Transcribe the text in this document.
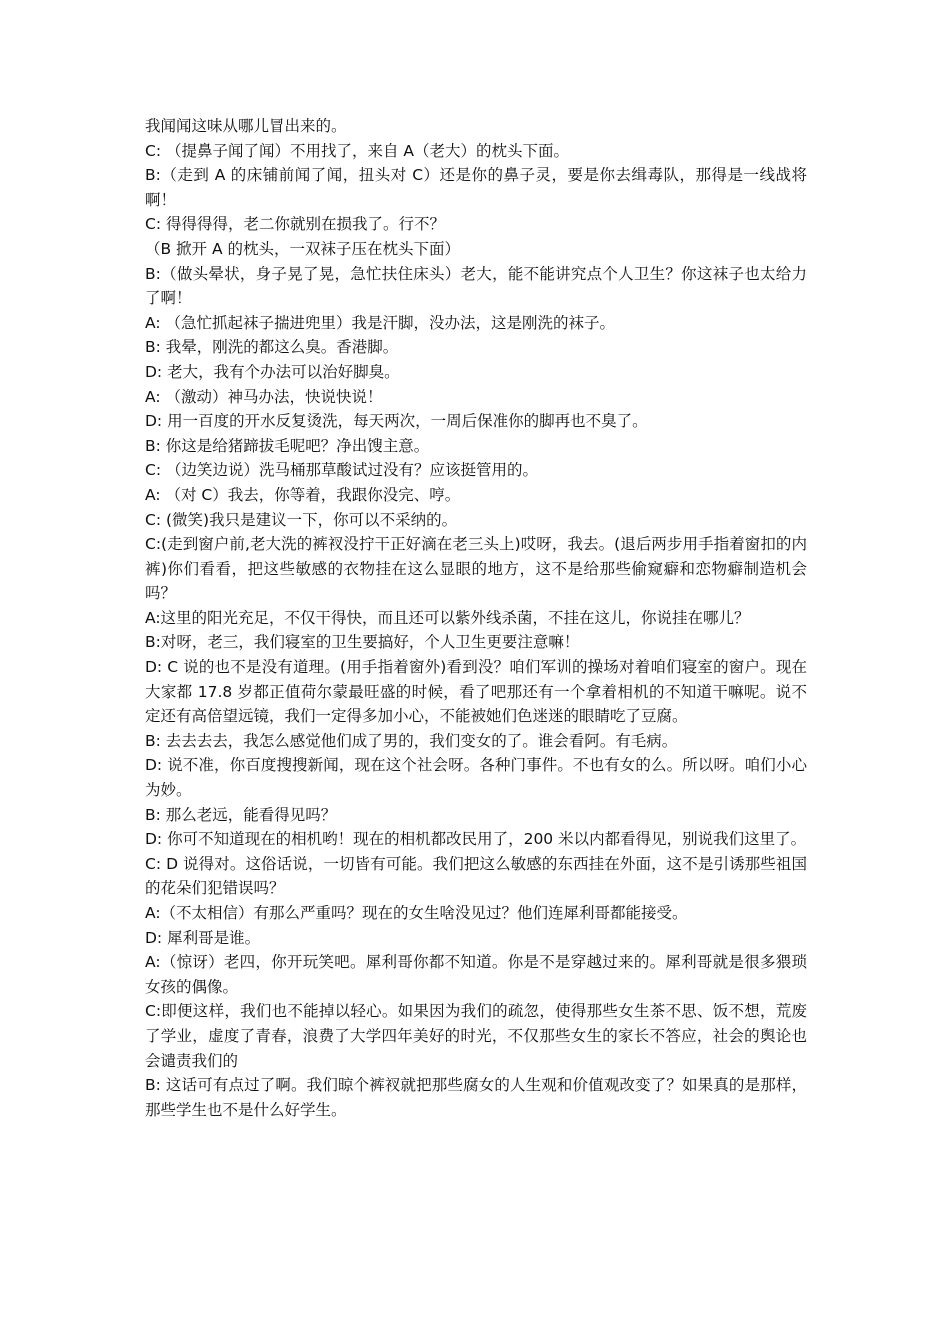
我闻闻这味从哪儿冒出来的。

C: （提鼻子闻了闻）不用找了，来自 A（老大）的枕头下面。

B:（走到 A 的床铺前闻了闻，扭头对 C）还是你的鼻子灵，要是你去缉毒队，那得是一线战将啊！

C: 得得得得，老二你就别在损我了。行不？

（B 掀开 A 的枕头，一双袜子压在枕头下面）

B:（做头晕状，身子晃了晃，急忙扶住床头）老大，能不能讲究点个人卫生？你这袜子也太给力了啊！

A: （急忙抓起袜子揣进兜里）我是汗脚，没办法，这是刚洗的袜子。

B: 我晕，刚洗的都这么臭。香港脚。

D: 老大，我有个办法可以治好脚臭。

A: （激动）神马办法，快说快说！

D: 用一百度的开水反复烫洗，每天两次，一周后保准你的脚再也不臭了。

B: 你这是给猪蹄拔毛呢吧？净出馊主意。

C: （边笑边说）洗马桶那草酸试过没有？应该挺管用的。

A: （对 C）我去，你等着，我跟你没完、哼。

C: (微笑)我只是建议一下，你可以不采纳的。

C:(走到窗户前,老大洗的裤衩没拧干正好滴在老三头上)哎呀，我去。(退后两步用手指着窗扣的内裤)你们看看，把这些敏感的衣物挂在这么显眼的地方，这不是给那些偷窥癖和恋物癖制造机会吗？

A:这里的阳光充足，不仅干得快，而且还可以紫外线杀菌，不挂在这儿，你说挂在哪儿？

B:对呀，老三，我们寝室的卫生要搞好，个人卫生更要注意嘛！

D: C 说的也不是没有道理。(用手指着窗外)看到没？咱们军训的操场对着咱们寝室的窗户。现在大家都 17.8 岁都正值荷尔蒙最旺盛的时候，看了吧那还有一个拿着相机的不知道干嘛呢。说不定还有高倍望远镜，我们一定得多加小心，不能被她们色迷迷的眼睛吃了豆腐。

B: 去去去去，我怎么感觉他们成了男的，我们变女的了。谁会看阿。有毛病。

D: 说不准，你百度搜搜新闻，现在这个社会呀。各种门事件。不也有女的么。所以呀。咱们小心为妙。

B: 那么老远，能看得见吗？

D: 你可不知道现在的相机哟！现在的相机都改民用了，200 米以内都看得见，别说我们这里了。

C: D 说得对。这俗话说，一切皆有可能。我们把这么敏感的东西挂在外面，这不是引诱那些祖国的花朵们犯错误吗？

A:（不太相信）有那么严重吗？现在的女生啥没见过？他们连犀利哥都能接受。

D: 犀利哥是谁。

A:（惊讶）老四，你开玩笑吧。犀利哥你都不知道。你是不是穿越过来的。犀利哥就是很多猥琐女孩的偶像。

C:即便这样，我们也不能掉以轻心。如果因为我们的疏忽，使得那些女生茶不思、饭不想，荒废了学业，虚度了青春，浪费了大学四年美好的时光，不仅那些女生的家长不答应，社会的舆论也会谴责我们的

B: 这话可有点过了啊。我们晾个裤衩就把那些腐女的人生观和价值观改变了？如果真的是那样，那些学生也不是什么好学生。
